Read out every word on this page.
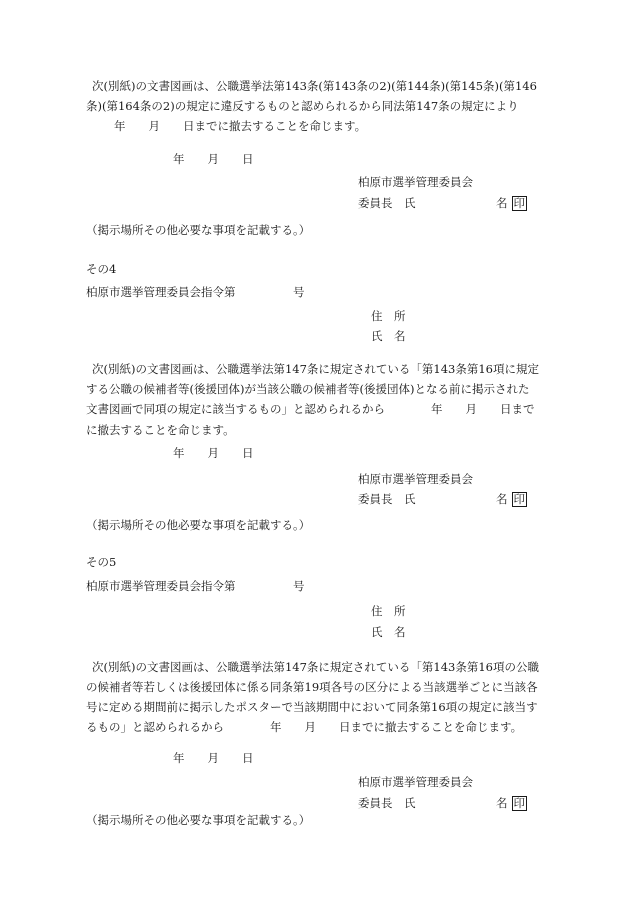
次(別紙)の文書図画は、公職選挙法第143条(第143条の2)(第144条)(第145条)(第146
条)(第164条の2)の規定に違反するものと認められるから同法第147条の規定により
年　　月　　日までに撤去することを命じます。
年　　月　　日
柏原市選挙管理委員会
委員長　氏　　　　　　　名 印
（掲示場所その他必要な事項を記載する。）
その4
柏原市選挙管理委員会指令第　　　　　号
住　所
氏　名
次(別紙)の文書図画は、公職選挙法第147条に規定されている「第143条第16項に規定
する公職の候補者等(後援団体)が当該公職の候補者等(後援団体)となる前に掲示された
文書図画で同項の規定に該当するもの」と認められるから　　　　年　　月　　日まで
に撤去することを命じます。
年　　月　　日
柏原市選挙管理委員会
委員長　氏　　　　　　　名 印
（掲示場所その他必要な事項を記載する。）
その5
柏原市選挙管理委員会指令第　　　　　号
住　所
氏　名
次(別紙)の文書図画は、公職選挙法第147条に規定されている「第143条第16項の公職
の候補者等若しくは後援団体に係る同条第19項各号の区分による当該選挙ごとに当該各
号に定める期間前に掲示したポスターで当該期間中において同条第16項の規定に該当す
るもの」と認められるから　　　　年　　月　　日までに撤去することを命じます。
年　　月　　日
柏原市選挙管理委員会
委員長　氏　　　　　　　名 印
（掲示場所その他必要な事項を記載する。）
